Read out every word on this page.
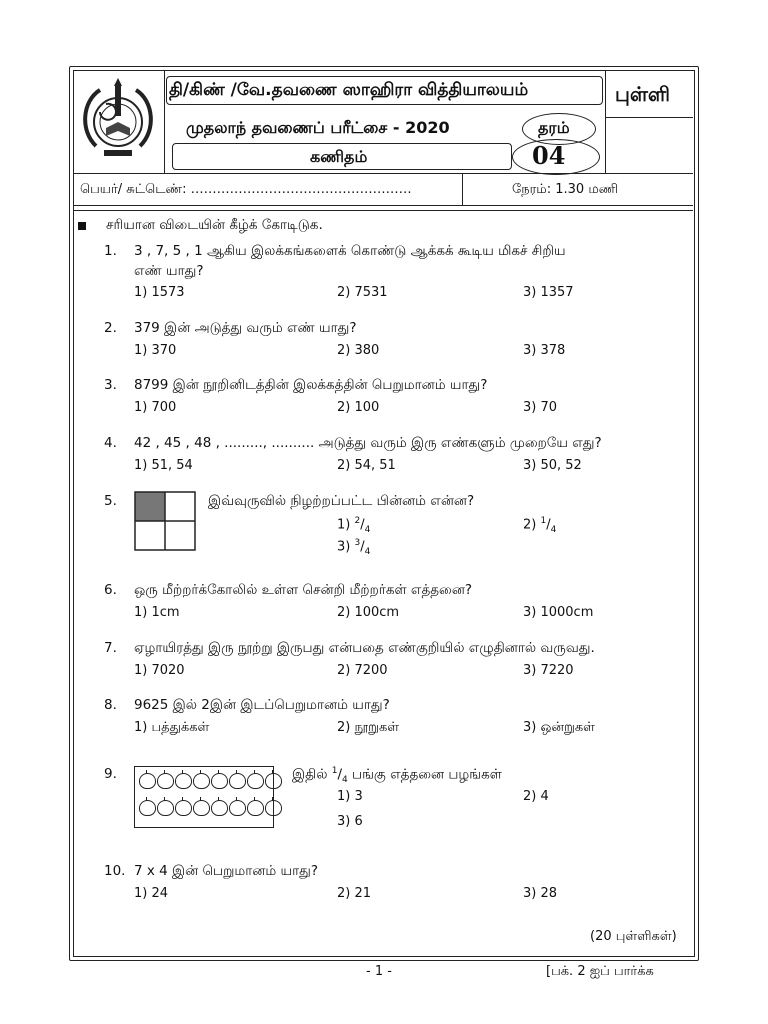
தி/கிண் /வே.தவணை ஸாஹிரா வித்தியாலயம்	புள்ளி
முதலாந் தவணைப் பரீட்சை - 2020
கணிதம்
தரம்
04
பெயர்/ சுட்டெண்: ……………………………………………	நேரம்: 1.30 மணி
சரியான விடையின் கீழ்க் கோடிடுக.
1. 3 , 7, 5 , 1 ஆகிய இலக்கங்களைக் கொண்டு ஆக்கக் கூடிய மிகச் சிறிய
எண் யாது?
1) 1573	2) 7531	3) 1357
2. 379 இன் அடுத்து வரும் எண் யாது?
1) 370	2) 380	3) 378
3. 8799 இன் நூறினிடத்தின் இலக்கத்தின் பெறுமானம் யாது?
1) 700	2) 100	3) 70
4. 42 , 45 , 48 , ........., .......... அடுத்து வரும் இரு எண்களும் முறையே எது?
1) 51, 54	2) 54, 51	3) 50, 52
5.	இவ்வுருவில் நிழற்றப்பட்ட பின்னம் என்ன?
1) $^2/_4$	2) $^1/_4$
3) $^3/_4$
6. ஒரு மீற்றர்க்கோலில் உள்ள சென்றி மீற்றர்கள் எத்தனை?
1) 1cm	2) 100cm	3) 1000cm
7. ஏழாயிரத்து இரு நூற்று இருபது என்பதை எண்குறியில் எழுதினால் வருவது.
1) 7020	2) 7200	3) 7220
8. 9625 இல் 2இன் இடப்பெறுமானம் யாது?
1) பத்துக்கள்	2) நூறுகள்	3) ஒன்றுகள்
9.	இதில் $^1/_4$ பங்கு எத்தனை பழங்கள்
1) 3	2) 4
3) 6
10. 7 x 4 இன் பெறுமானம் யாது?
1) 24	2) 21	3) 28
(20 புள்ளிகள்)
- 1 -	[பக். 2 ஐப் பார்க்க
